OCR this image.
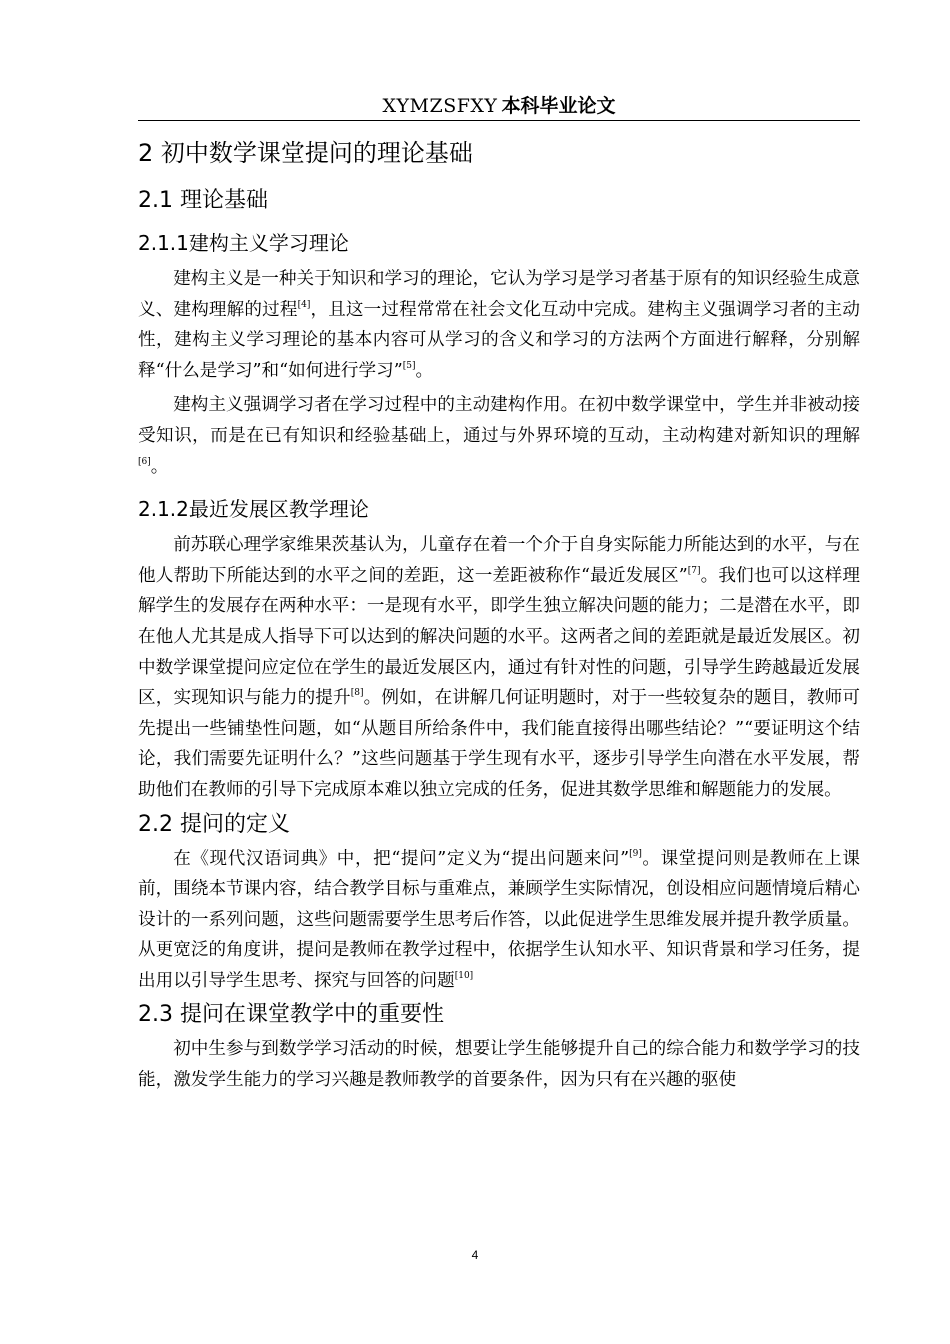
XYMZSFXY 本科毕业论文
2 初中数学课堂提问的理论基础
2.1 理论基础
2.1.1建构主义学习理论

建构主义是一种关于知识和学习的理论，它认为学习是学习者基于原有的知识经验生成意义、建构理解的过程[4]，且这一过程常常在社会文化互动中完成。建构主义强调学习者的主动性，建构主义学习理论的基本内容可从学习的含义和学习的方法两个方面进行解释，分别解释“什么是学习”和“如何进行学习”[5]。

建构主义强调学习者在学习过程中的主动建构作用。在初中数学课堂中，学生并非被动接受知识，而是在已有知识和经验基础上，通过与外界环境的互动，主动构建对新知识的理解[6]。

2.1.2最近发展区教学理论

前苏联心理学家维果茨基认为，儿童存在着一个介于自身实际能力所能达到的水平，与在他人帮助下所能达到的水平之间的差距，这一差距被称作“最近发展区”[7]。我们也可以这样理解学生的发展存在两种水平：一是现有水平，即学生独立解决问题的能力；二是潜在水平，即在他人尤其是成人指导下可以达到的解决问题的水平。这两者之间的差距就是最近发展区。初中数学课堂提问应定位在学生的最近发展区内，通过有针对性的问题，引导学生跨越最近发展区，实现知识与能力的提升[8]。例如，在讲解几何证明题时，对于一些较复杂的题目，教师可先提出一些铺垫性问题，如“从题目所给条件中，我们能直接得出哪些结论？”“要证明这个结论，我们需要先证明什么？”这些问题基于学生现有水平，逐步引导学生向潜在水平发展，帮助他们在教师的引导下完成原本难以独立完成的任务，促进其数学思维和解题能力的发展。

2.2 提问的定义

在《现代汉语词典》中，把“提问”定义为“提出问题来问”[9]。课堂提问则是教师在上课前，围绕本节课内容，结合教学目标与重难点，兼顾学生实际情况，创设相应问题情境后精心设计的一系列问题，这些问题需要学生思考后作答，以此促进学生思维发展并提升教学质量。从更宽泛的角度讲，提问是教师在教学过程中，依据学生认知水平、知识背景和学习任务，提出用以引导学生思考、探究与回答的问题[10]

2.3 提问在课堂教学中的重要性

初中生参与到数学学习活动的时候，想要让学生能够提升自己的综合能力和数学学习的技能，激发学生能力的学习兴趣是教师教学的首要条件，因为只有在兴趣的驱使

4
